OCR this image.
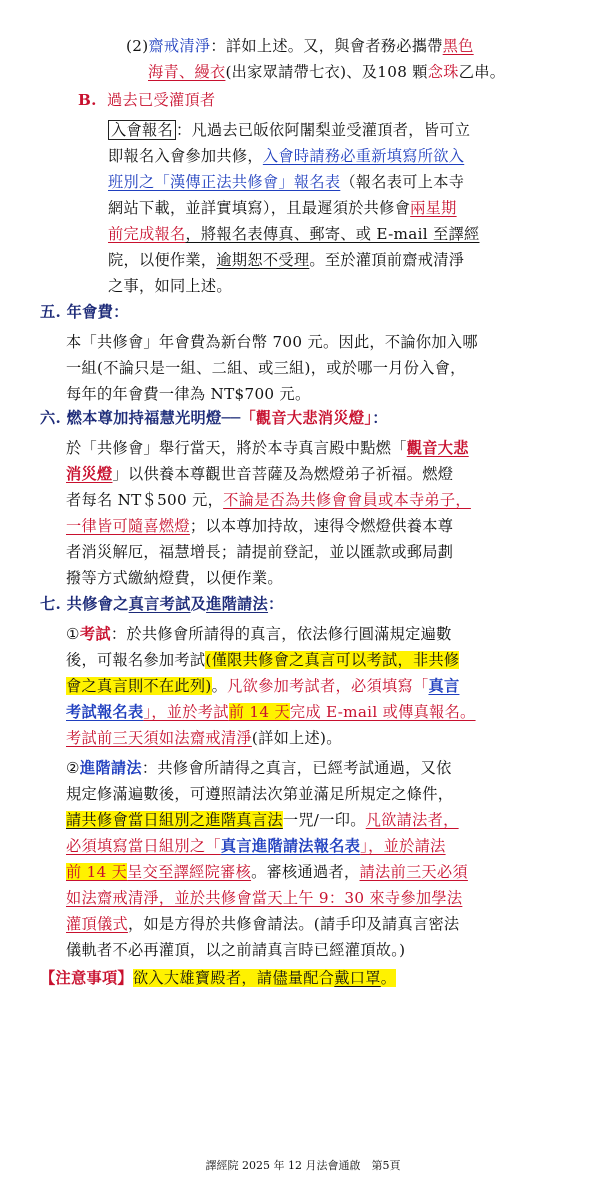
(2)齋戒清淨：詳如上述。又，與會者務必攜帶黑色
海青、縵衣(出家眾請帶七衣)、及108 顆念珠乙串。
B. 過去已受灌頂者
入會報名 ：凡過去已皈依阿闍梨並受灌頂者，皆可立
即報名入會參加共修，入會時請務必重新填寫所欲入
班別之「漢傳正法共修會」報名表（報名表可上本寺
網站下載，並詳實填寫），且最遲須於共修會兩星期
前完成報名，將報名表傳真、郵寄、或 E-mail 至譯經
院，以便作業，逾期恕不受理。至於灌頂前齋戒清淨
之事，如同上述。
五. 年會費：
本「共修會」年會費為新台幣 700 元。因此，不論你加入哪
一組(不論只是一組、二組、或三組)，或於哪一月份入會，
每年的年會費一律為 NT$700 元。
六. 燃本尊加持福慧光明燈──「觀音大悲消災燈」：
於「共修會」舉行當天，將於本寺真言殿中點燃「觀音大悲
消災燈」以供養本尊觀世音菩薩及為燃燈弟子祈福。燃燈
者每名 NT＄500 元，不論是否為共修會會員或本寺弟子，
一律皆可隨喜燃燈；以本尊加持故，速得令燃燈供養本尊
者消災解厄，福慧增長；請提前登記，並以匯款或郵局劃
撥等方式繳納燈費，以便作業。
七. 共修會之真言考試及進階請法：
①考試：於共修會所請得的真言，依法修行圓滿規定遍數
後，可報名參加考試(僅限共修會之真言可以考試，非共修
會之真言則不在此列)。凡欲參加考試者，必須填寫「真言
考試報名表」，並於考試前 14 天完成 E-mail 或傳真報名。
考試前三天須如法齋戒清淨(詳如上述)。
②進階請法：共修會所請得之真言，已經考試通過，又依
規定修滿遍數後，可遵照請法次第並滿足所規定之條件，
請共修會當日組別之進階真言法一咒/一印。凡欲請法者，
必須填寫當日組別之「真言進階請法報名表」，並於請法
前 14 天呈交至譯經院審核。審核通過者，請法前三天必須
如法齋戒清淨，並於共修會當天上午 9：30 來寺參加學法
灌頂儀式，如是方得於共修會請法。(請手印及請真言密法
儀軌者不必再灌頂，以之前請真言時已經灌頂故。)
【注意事項】欲入大雄寶殿者，請儘量配合戴口罩。
譯經院 2025 年 12 月法會通啟　第5頁
